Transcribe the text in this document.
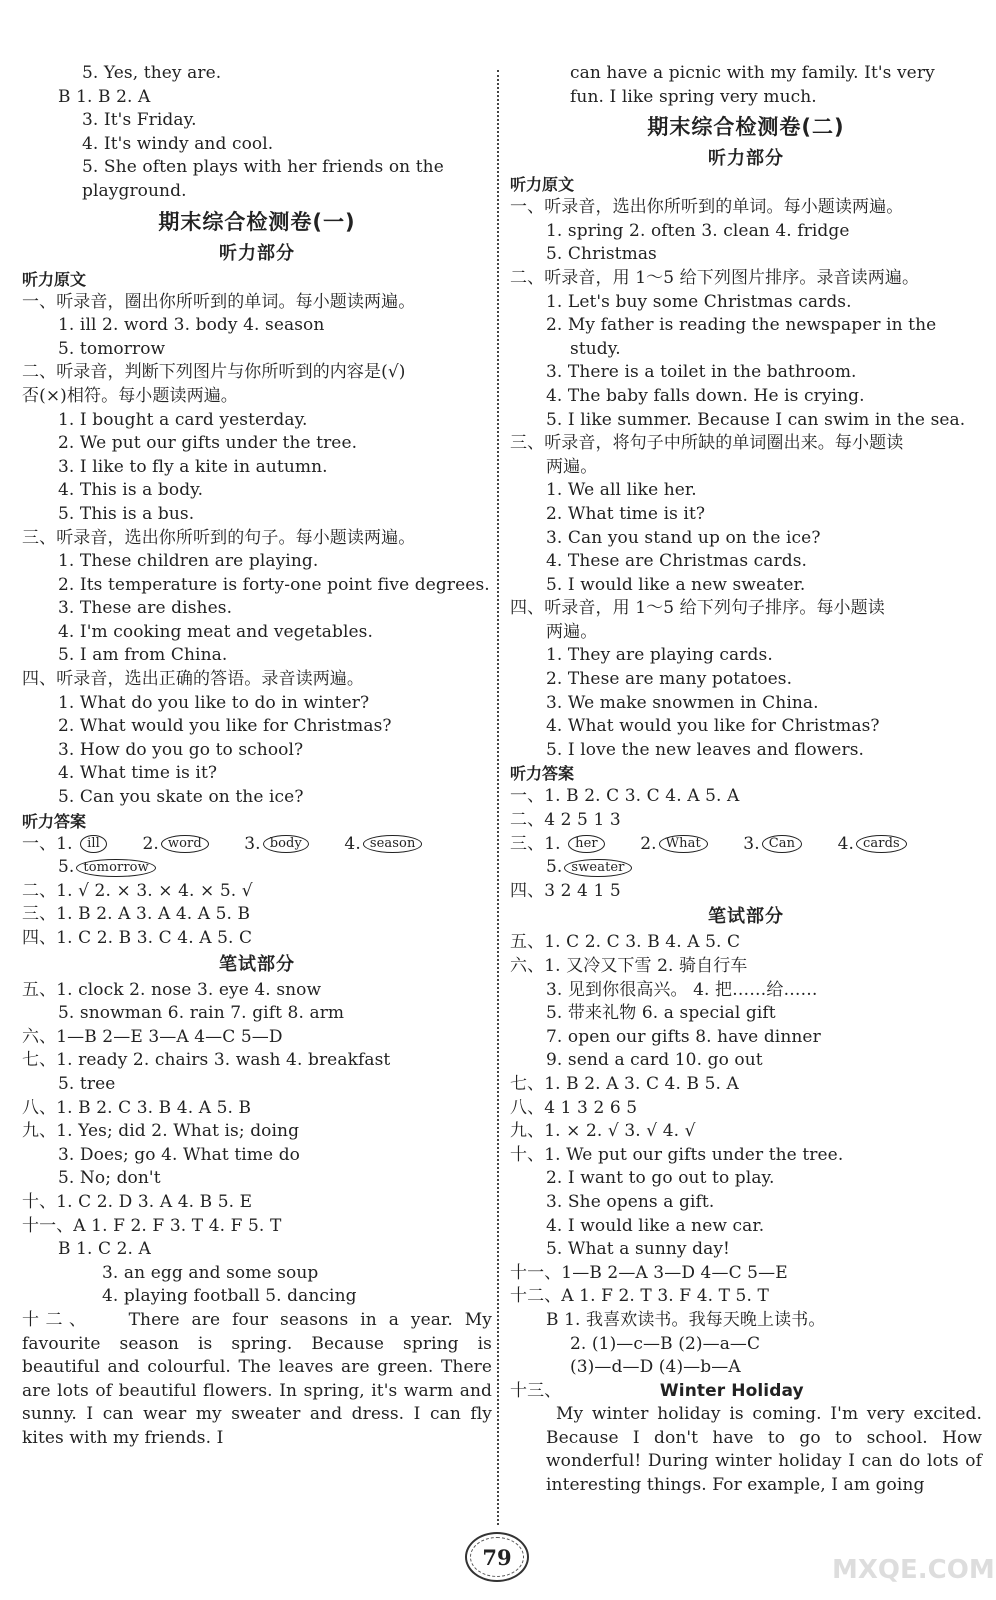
5. Yes, they are.
B 1. B 2. A
3. It's Friday.
4. It's windy and cool.
5. She often plays with her friends on the
playground.
期末综合检测卷(一)
听力部分
听力原文
一、听录音，圈出你所听到的单词。每小题读两遍。
1. ill 2. word 3. body 4. season
5. tomorrow
二、听录音，判断下列图片与你所听到的内容是(√)
否(×)相符。每小题读两遍。
1. I bought a card yesterday.
2. We put our gifts under the tree.
3. I like to fly a kite in autumn.
4. This is a body.
5. This is a bus.
三、听录音，选出你所听到的句子。每小题读两遍。
1. These children are playing.
2. Its temperature is forty-one point five degrees.
3. These are dishes.
4. I'm cooking meat and vegetables.
5. I am from China.
四、听录音，选出正确的答语。录音读两遍。
1. What do you like to do in winter?
2. What would you like for Christmas?
3. How do you go to school?
4. What time is it?
5. Can you skate on the ice?
听力答案
一、1. ill	2. word	3. body	4. season
5. tomorrow
二、1. √ 2. × 3. × 4. × 5. √
三、1. B 2. A 3. A 4. A 5. B
四、1. C 2. B 3. C 4. A 5. C
笔试部分
五、1. clock 2. nose 3. eye 4. snow
5. snowman 6. rain 7. gift 8. arm
六、1—B 2—E 3—A 4—C 5—D
七、1. ready 2. chairs 3. wash 4. breakfast
5. tree
八、1. B 2. C 3. B 4. A 5. B
九、1. Yes; did 2. What is; doing
3. Does; go 4. What time do
5. No; don't
十、1. C 2. D 3. A 4. B 5. E
十一、A 1. F 2. F 3. T 4. F 5. T
B 1. C 2. A
3. an egg and some soup
4. playing football 5. dancing
十二、 There are four seasons in a year. My favourite season is spring. Because spring is beautiful and colourful. The leaves are green. There are lots of beautiful flowers. In spring, it's warm and sunny. I can wear my sweater and dress. I can fly kites with my friends. I
can have a picnic with my family. It's very
fun. I like spring very much.
期末综合检测卷(二)
听力部分
听力原文
一、听录音，选出你所听到的单词。每小题读两遍。
1. spring 2. often 3. clean 4. fridge
5. Christmas
二、听录音，用 1～5 给下列图片排序。录音读两遍。
1. Let's buy some Christmas cards.
2. My father is reading the newspaper in the
study.
3. There is a toilet in the bathroom.
4. The baby falls down. He is crying.
5. I like summer. Because I can swim in the sea.
三、听录音，将句子中所缺的单词圈出来。每小题读
两遍。
1. We all like her.
2. What time is it?
3. Can you stand up on the ice?
4. These are Christmas cards.
5. I would like a new sweater.
四、听录音，用 1～5 给下列句子排序。每小题读
两遍。
1. They are playing cards.
2. These are many potatoes.
3. We make snowmen in China.
4. What would you like for Christmas?
5. I love the new leaves and flowers.
听力答案
一、1. B 2. C 3. C 4. A 5. A
二、4 2 5 1 3
三、1. her	2. What	3. Can	4. cards
5. sweater
四、3 2 4 1 5
笔试部分
五、1. C 2. C 3. B 4. A 5. C
六、1. 又冷又下雪 2. 骑自行车
3. 见到你很高兴。 4. 把……给……
5. 带来礼物 6. a special gift
7. open our gifts 8. have dinner
9. send a card 10. go out
七、1. B 2. A 3. C 4. B 5. A
八、4 1 3 2 6 5
九、1. × 2. √ 3. √ 4. √
十、1. We put our gifts under the tree.
2. I want to go out to play.
3. She opens a gift.
4. I would like a new car.
5. What a sunny day!
十一、1—B 2—A 3—D 4—C 5—E
十二、A 1. F 2. T 3. F 4. T 5. T
B 1. 我喜欢读书。我每天晚上读书。
2. (1)—c—B (2)—a—C
(3)—d—D (4)—b—A
十三、	Winter Holiday
My winter holiday is coming. I'm very excited. Because I don't have to go to school. How wonderful! During winter holiday I can do lots of interesting things. For example, I am going
79	MXQE.COM
